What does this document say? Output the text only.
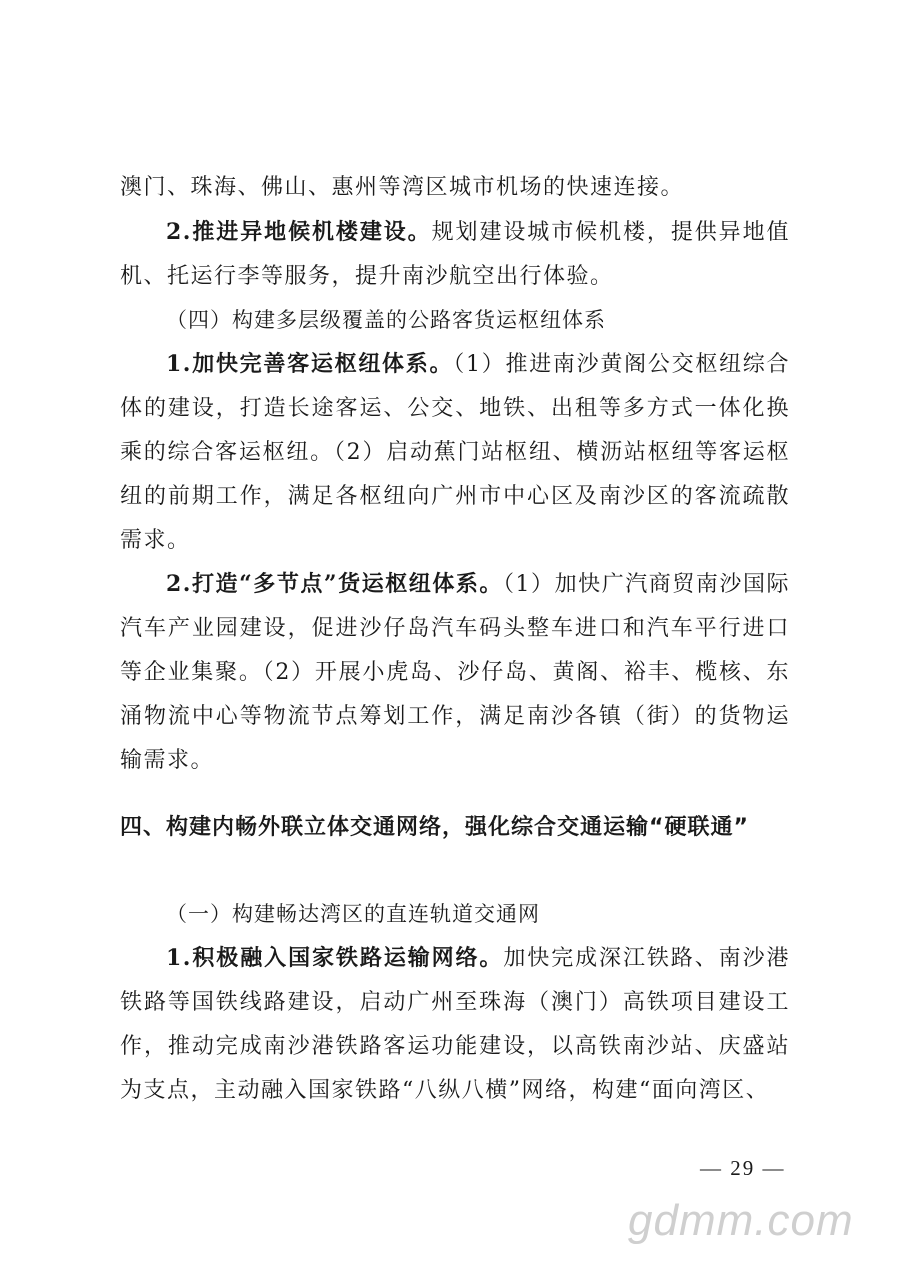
澳门、珠海、佛山、惠州等湾区城市机场的快速连接。

2.推进异地候机楼建设。规划建设城市候机楼，提供异地值机、托运行李等服务，提升南沙航空出行体验。

（四）构建多层级覆盖的公路客货运枢纽体系

1.加快完善客运枢纽体系。（1）推进南沙黄阁公交枢纽综合体的建设，打造长途客运、公交、地铁、出租等多方式一体化换乘的综合客运枢纽。（2）启动蕉门站枢纽、横沥站枢纽等客运枢纽的前期工作，满足各枢纽向广州市中心区及南沙区的客流疏散需求。

2.打造“多节点”货运枢纽体系。（1）加快广汽商贸南沙国际汽车产业园建设，促进沙仔岛汽车码头整车进口和汽车平行进口等企业集聚。（2）开展小虎岛、沙仔岛、黄阁、裕丰、榄核、东涌物流中心等物流节点筹划工作，满足南沙各镇（街）的货物运输需求。

四、构建内畅外联立体交通网络，强化综合交通运输“硬联通”

（一）构建畅达湾区的直连轨道交通网

1.积极融入国家铁路运输网络。加快完成深江铁路、南沙港铁路等国铁线路建设，启动广州至珠海（澳门）高铁项目建设工作，推动完成南沙港铁路客运功能建设，以高铁南沙站、庆盛站为支点，主动融入国家铁路“八纵八横”网络，构建“面向湾区、

— 29 —
gdmm.com
